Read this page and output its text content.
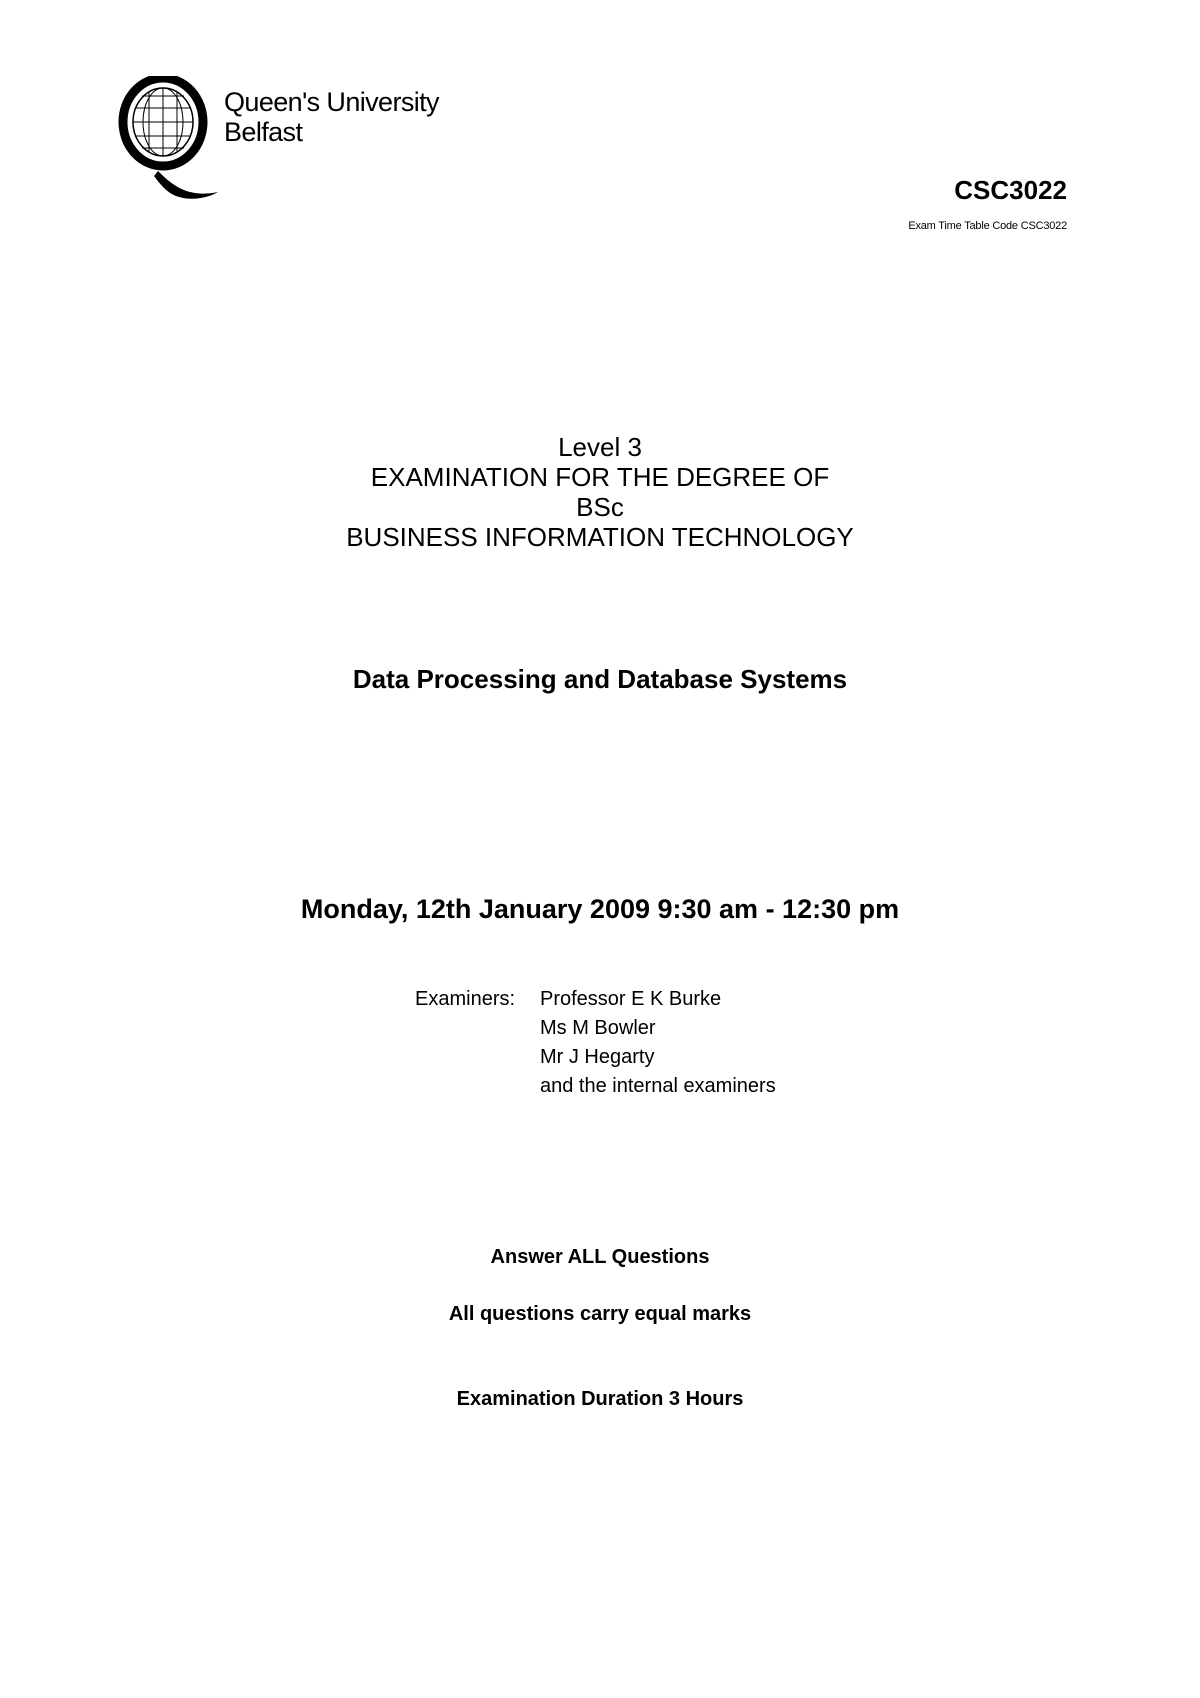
Queen's University
Belfast
CSC3022
Exam Time Table Code CSC3022
Level 3
EXAMINATION FOR THE DEGREE OF
BSc
BUSINESS INFORMATION TECHNOLOGY
Data Processing and Database Systems
Monday, 12th January 2009 9:30 am - 12:30 pm
Examiners: Professor E K Burke
Ms M Bowler
Mr J Hegarty
and the internal examiners
Answer ALL Questions
All questions carry equal marks
Examination Duration 3 Hours
